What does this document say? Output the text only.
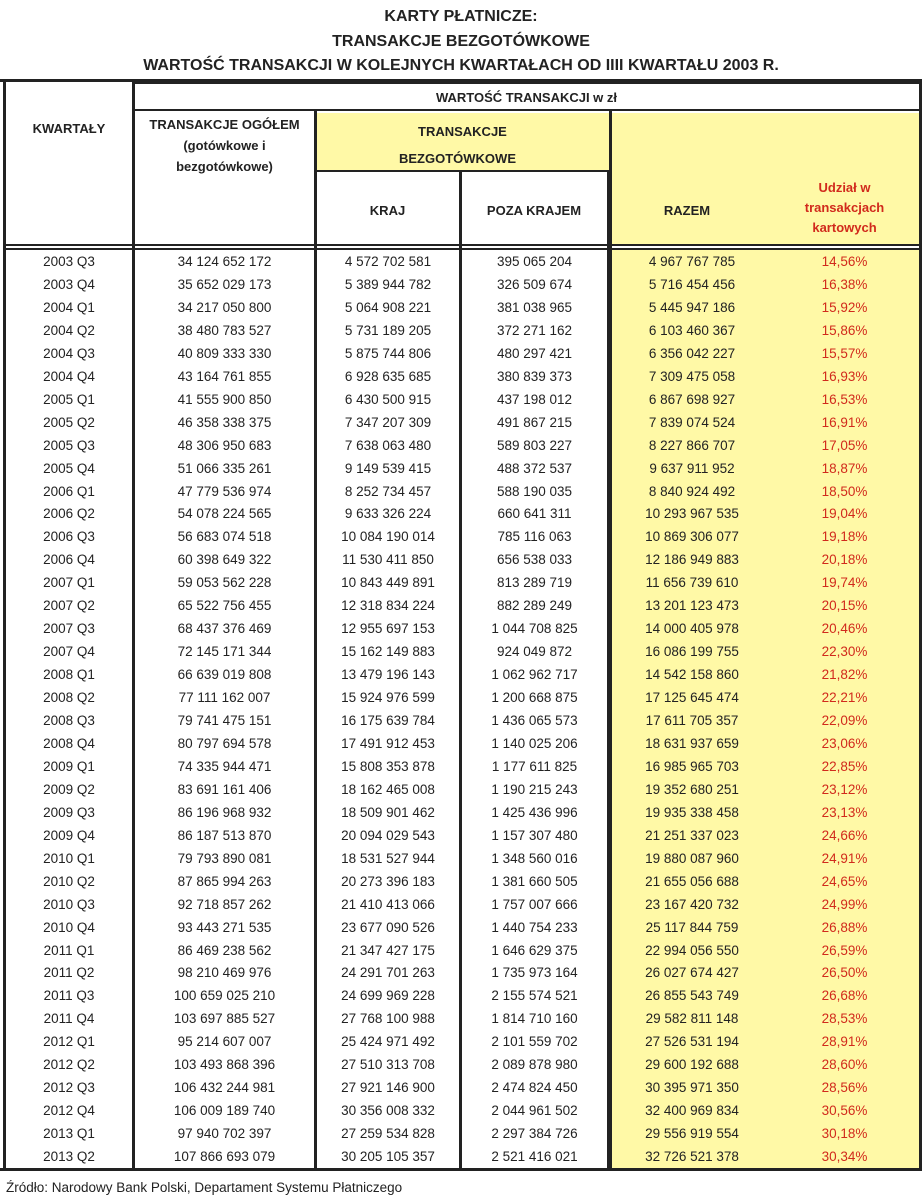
KARTY PŁATNICZE:
TRANSAKCJE BEZGOTÓWKOWE
WARTOŚĆ TRANSAKCJI W KOLEJNYCH KWARTAŁACH OD IIII KWARTAŁU 2003 R.
KWARTAŁY
WARTOŚĆ TRANSAKCJI w zł
TRANSAKCJE OGÓŁEM
(gotówkowe i
bezgotówkowe)
TRANSAKCJE
BEZGOTÓWKOWE
KRAJ	POZA KRAJEM	RAZEM
Udział w
transakcjach
kartowych
2003 Q3	34 124 652 172	4 572 702 581	395 065 204	4 967 767 785	14,56%
2003 Q4	35 652 029 173	5 389 944 782	326 509 674	5 716 454 456	16,38%
2004 Q1	34 217 050 800	5 064 908 221	381 038 965	5 445 947 186	15,92%
2004 Q2	38 480 783 527	5 731 189 205	372 271 162	6 103 460 367	15,86%
2004 Q3	40 809 333 330	5 875 744 806	480 297 421	6 356 042 227	15,57%
2004 Q4	43 164 761 855	6 928 635 685	380 839 373	7 309 475 058	16,93%
2005 Q1	41 555 900 850	6 430 500 915	437 198 012	6 867 698 927	16,53%
2005 Q2	46 358 338 375	7 347 207 309	491 867 215	7 839 074 524	16,91%
2005 Q3	48 306 950 683	7 638 063 480	589 803 227	8 227 866 707	17,05%
2005 Q4	51 066 335 261	9 149 539 415	488 372 537	9 637 911 952	18,87%
2006 Q1	47 779 536 974	8 252 734 457	588 190 035	8 840 924 492	18,50%
2006 Q2	54 078 224 565	9 633 326 224	660 641 311	10 293 967 535	19,04%
2006 Q3	56 683 074 518	10 084 190 014	785 116 063	10 869 306 077	19,18%
2006 Q4	60 398 649 322	11 530 411 850	656 538 033	12 186 949 883	20,18%
2007 Q1	59 053 562 228	10 843 449 891	813 289 719	11 656 739 610	19,74%
2007 Q2	65 522 756 455	12 318 834 224	882 289 249	13 201 123 473	20,15%
2007 Q3	68 437 376 469	12 955 697 153	1 044 708 825	14 000 405 978	20,46%
2007 Q4	72 145 171 344	15 162 149 883	924 049 872	16 086 199 755	22,30%
2008 Q1	66 639 019 808	13 479 196 143	1 062 962 717	14 542 158 860	21,82%
2008 Q2	77 111 162 007	15 924 976 599	1 200 668 875	17 125 645 474	22,21%
2008 Q3	79 741 475 151	16 175 639 784	1 436 065 573	17 611 705 357	22,09%
2008 Q4	80 797 694 578	17 491 912 453	1 140 025 206	18 631 937 659	23,06%
2009 Q1	74 335 944 471	15 808 353 878	1 177 611 825	16 985 965 703	22,85%
2009 Q2	83 691 161 406	18 162 465 008	1 190 215 243	19 352 680 251	23,12%
2009 Q3	86 196 968 932	18 509 901 462	1 425 436 996	19 935 338 458	23,13%
2009 Q4	86 187 513 870	20 094 029 543	1 157 307 480	21 251 337 023	24,66%
2010 Q1	79 793 890 081	18 531 527 944	1 348 560 016	19 880 087 960	24,91%
2010 Q2	87 865 994 263	20 273 396 183	1 381 660 505	21 655 056 688	24,65%
2010 Q3	92 718 857 262	21 410 413 066	1 757 007 666	23 167 420 732	24,99%
2010 Q4	93 443 271 535	23 677 090 526	1 440 754 233	25 117 844 759	26,88%
2011 Q1	86 469 238 562	21 347 427 175	1 646 629 375	22 994 056 550	26,59%
2011 Q2	98 210 469 976	24 291 701 263	1 735 973 164	26 027 674 427	26,50%
2011 Q3	100 659 025 210	24 699 969 228	2 155 574 521	26 855 543 749	26,68%
2011 Q4	103 697 885 527	27 768 100 988	1 814 710 160	29 582 811 148	28,53%
2012 Q1	95 214 607 007	25 424 971 492	2 101 559 702	27 526 531 194	28,91%
2012 Q2	103 493 868 396	27 510 313 708	2 089 878 980	29 600 192 688	28,60%
2012 Q3	106 432 244 981	27 921 146 900	2 474 824 450	30 395 971 350	28,56%
2012 Q4	106 009 189 740	30 356 008 332	2 044 961 502	32 400 969 834	30,56%
2013 Q1	97 940 702 397	27 259 534 828	2 297 384 726	29 556 919 554	30,18%
2013 Q2	107 866 693 079	30 205 105 357	2 521 416 021	32 726 521 378	30,34%
Źródło: Narodowy Bank Polski, Departament Systemu Płatniczego
